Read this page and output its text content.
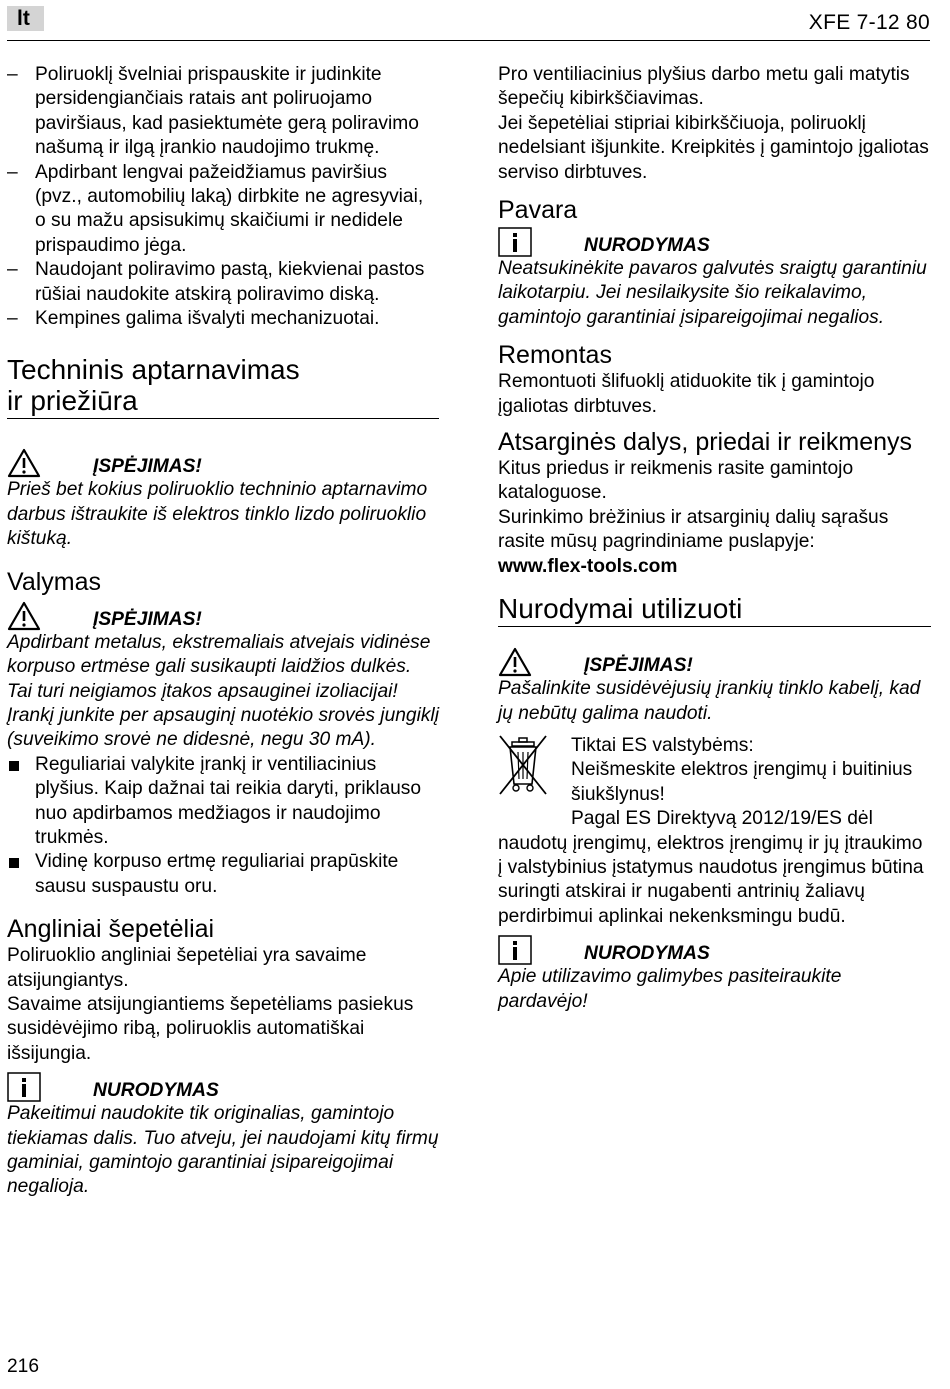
lt	XFE 7-12 80
– Poliruoklį švelniai prispauskite ir judinkite persidengiančiais ratais ant poliruojamo paviršiaus, kad pasiektumėte gerą poliravimo našumą ir ilgą įrankio naudojimo trukmę.
– Apdirbant lengvai pažeidžiamus paviršius (pvz., automobilių laką) dirbkite ne agresyviai, o su mažu apsisukimų skaičiumi ir nedidele prispaudimo jėga.
– Naudojant poliravimo pastą, kiekvienai pastos rūšiai naudokite atskirą poliravimo diską.
– Kempines galima išvalyti mechanizuotai.
Techninis aptarnavimas
ir priežiūra
ĮSPĖJIMAS!

Prieš bet kokius poliruoklio techninio aptarnavimo darbus ištraukite iš elektros tinklo lizdo poliruoklio kištuką.

Valymas
ĮSPĖJIMAS!

Apdirbant metalus, ekstremaliais atvejais vidinėse korpuso ertmėse gali susikaupti laidžios dulkės. Tai turi neigiamos įtakos apsauginei izoliacijai! Įrankį junkite per apsauginį nuotėkio srovės jungiklį (suveikimo srovė ne didesnė, negu 30 mA).

Reguliariai valykite įrankį ir ventiliacinius plyšius. Kaip dažnai tai reikia daryti, priklauso nuo apdirbamos medžiagos ir naudojimo trukmės.
Vidinę korpuso ertmę reguliariai prapūskite sausu suspaustu oru.
Angliniai šepetėliai

Poliruoklio angliniai šepetėliai yra savaime atsijungiantys.

Savaime atsijungiantiems šepetėliams pasiekus susidėvėjimo ribą, poliruoklis automatiškai išsijungia.

NURODYMAS

Pakeitimui naudokite tik originalias, gamintojo tiekiamas dalis. Tuo atveju, jei naudojami kitų firmų gaminiai, gamintojo garantiniai įsipareigojimai negalioja.

Pro ventiliacinius plyšius darbo metu gali matytis šepečių kibirkščiavimas.

Jei šepetėliai stipriai kibirkščiuoja, poliruoklį nedelsiant išjunkite. Kreipkitės į gamintojo įgaliotas serviso dirbtuves.

Pavara
NURODYMAS

Neatsukinėkite pavaros galvutės sraigtų garantiniu laikotarpiu. Jei nesilaikysite šio reikalavimo, gamintojo garantiniai įsipareigojimai negalios.

Remontas

Remontuoti šlifuoklį atiduokite tik į gamintojo įgaliotas dirbtuves.

Atsarginės dalys, priedai ir reikmenys

Kitus priedus ir reikmenis rasite gamintojo kataloguose.

Surinkimo brėžinius ir atsarginių dalių sąrašus rasite mūsų pagrindiniame puslapyje:

www.flex-tools.com

Nurodymai utilizuoti
ĮSPĖJIMAS!

Pašalinkite susidėvėjusių įrankių tinklo kabelį, kad jų nebūtų galima naudoti.

Tiktai ES valstybėms:

Neišmeskite elektros įrengimų i buitinius šiukšlynus!

Pagal ES Direktyvą 2012/19/ES dėl naudotų įrengimų, elektros įrengimų ir jų įtraukimo į valstybinius įstatymus naudotus įrengimus būtina suringti atskirai ir nugabenti antrinių žaliavų perdirbimui aplinkai nekenksmingu budū.

NURODYMAS

Apie utilizavimo galimybes pasiteiraukite pardavėjo!

216
